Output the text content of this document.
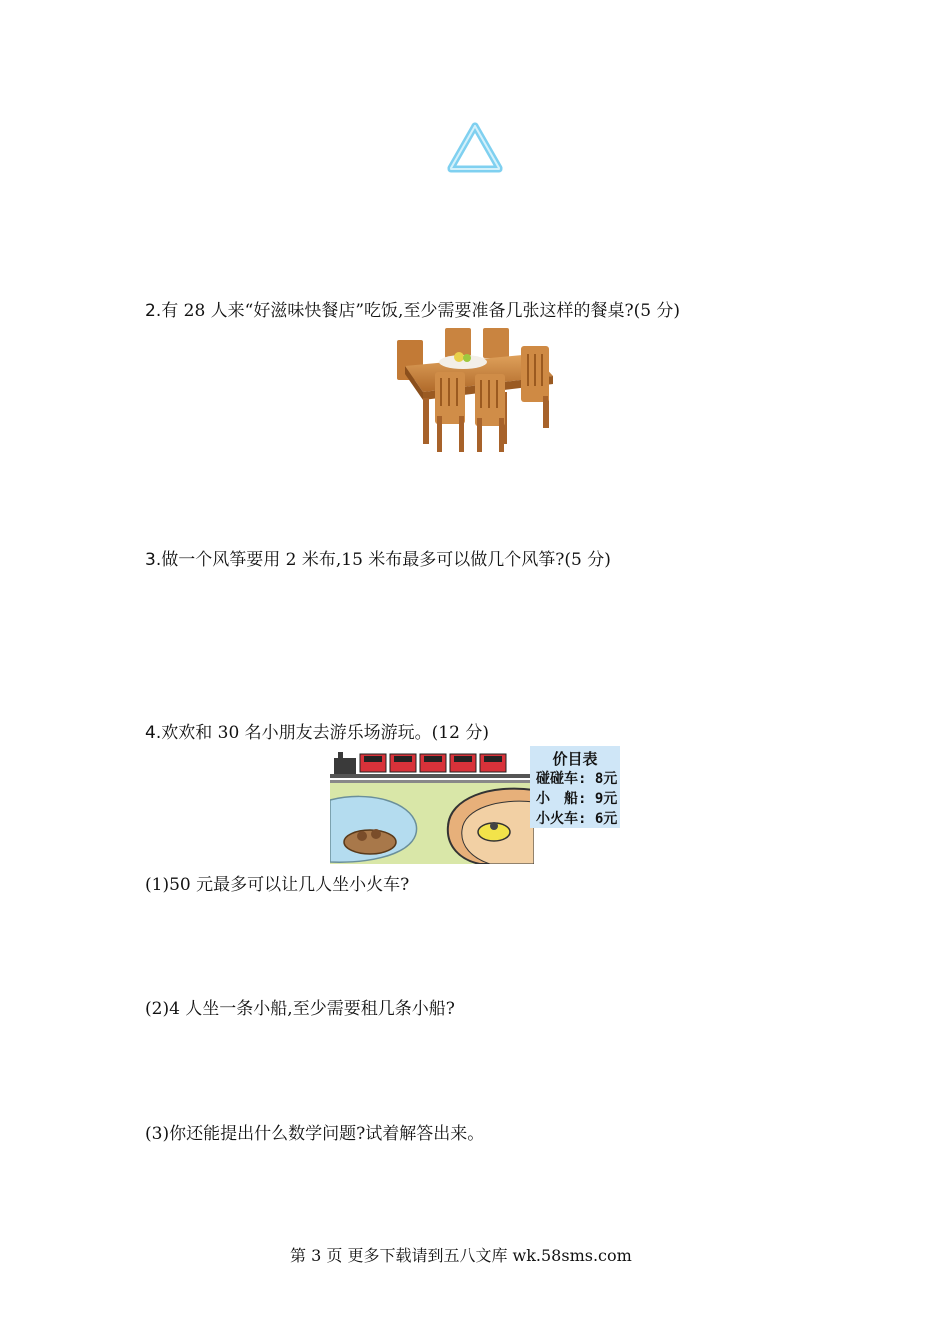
2.有 28 人来“好滋味快餐店”吃饭,至少需要准备几张这样的餐桌?(5 分)
3.做一个风筝要用 2 米布,15 米布最多可以做几个风筝?(5 分)
4.欢欢和 30 名小朋友去游乐场游玩。(12 分)
价目表
碰碰车: 8元
小　船: 9元
小火车: 6元
(1)50 元最多可以让几人坐小火车?
(2)4 人坐一条小船,至少需要租几条小船?
(3)你还能提出什么数学问题?试着解答出来。
第 3 页 更多下载请到五八文库 wk.58sms.com
